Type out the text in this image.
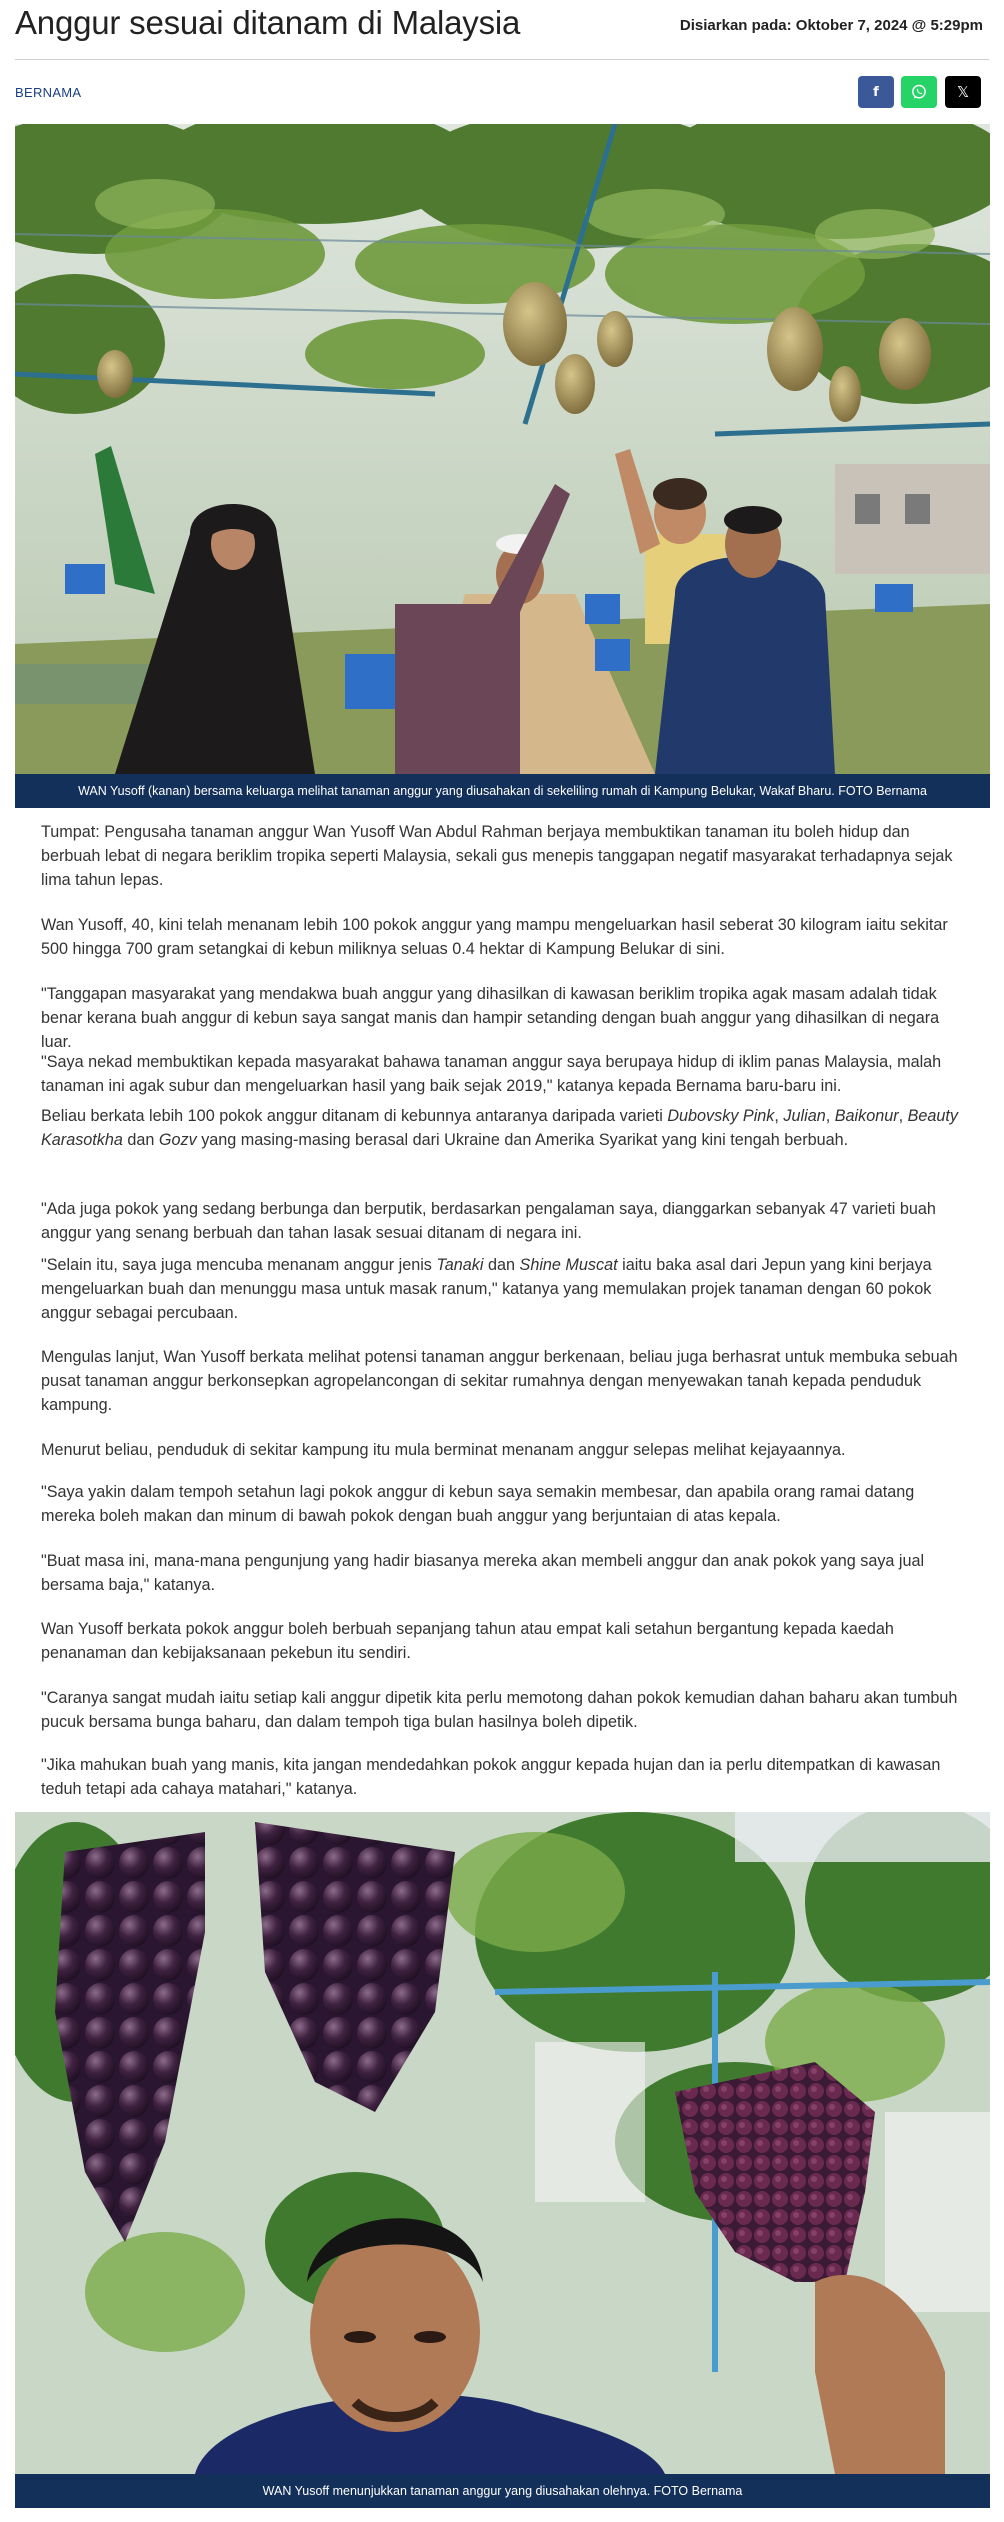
Anggur sesuai ditanam di Malaysia	Disiarkan pada: Oktober 7, 2024 @ 5:29pm
BERNAMA	f	𝕏
WAN Yusoff (kanan) bersama keluarga melihat tanaman anggur yang diusahakan di sekeliling rumah di Kampung Belukar, Wakaf Bharu. FOTO Bernama

Tumpat: Pengusaha tanaman anggur Wan Yusoff Wan Abdul Rahman berjaya membuktikan tanaman itu boleh hidup dan berbuah lebat di negara beriklim tropika seperti Malaysia, sekali gus menepis tanggapan negatif masyarakat terhadapnya sejak lima tahun lepas.

Wan Yusoff, 40, kini telah menanam lebih 100 pokok anggur yang mampu mengeluarkan hasil seberat 30 kilogram iaitu sekitar 500 hingga 700 gram setangkai di kebun miliknya seluas 0.4 hektar di Kampung Belukar di sini.

"Tanggapan masyarakat yang mendakwa buah anggur yang dihasilkan di kawasan beriklim tropika agak masam adalah tidak benar kerana buah anggur di kebun saya sangat manis dan hampir setanding dengan buah anggur yang dihasilkan di negara luar.

"Saya nekad membuktikan kepada masyarakat bahawa tanaman anggur saya berupaya hidup di iklim panas Malaysia, malah tanaman ini agak subur dan mengeluarkan hasil yang baik sejak 2019," katanya kepada Bernama baru-baru ini.

Beliau berkata lebih 100 pokok anggur ditanam di kebunnya antaranya daripada varieti Dubovsky Pink, Julian, Baikonur, Beauty Karasotkha dan Gozv yang masing-masing berasal dari Ukraine dan Amerika Syarikat yang kini tengah berbuah.

"Ada juga pokok yang sedang berbunga dan berputik, berdasarkan pengalaman saya, dianggarkan sebanyak 47 varieti buah anggur yang senang berbuah dan tahan lasak sesuai ditanam di negara ini.

"Selain itu, saya juga mencuba menanam anggur jenis Tanaki dan Shine Muscat iaitu baka asal dari Jepun yang kini berjaya mengeluarkan buah dan menunggu masa untuk masak ranum," katanya yang memulakan projek tanaman dengan 60 pokok anggur sebagai percubaan.

Mengulas lanjut, Wan Yusoff berkata melihat potensi tanaman anggur berkenaan, beliau juga berhasrat untuk membuka sebuah pusat tanaman anggur berkonsepkan agropelancongan di sekitar rumahnya dengan menyewakan tanah kepada penduduk kampung.

Menurut beliau, penduduk di sekitar kampung itu mula berminat menanam anggur selepas melihat kejayaannya.

"Saya yakin dalam tempoh setahun lagi pokok anggur di kebun saya semakin membesar, dan apabila orang ramai datang mereka boleh makan dan minum di bawah pokok dengan buah anggur yang berjuntaian di atas kepala.

"Buat masa ini, mana-mana pengunjung yang hadir biasanya mereka akan membeli anggur dan anak pokok yang saya jual bersama baja," katanya.

Wan Yusoff berkata pokok anggur boleh berbuah sepanjang tahun atau empat kali setahun bergantung kepada kaedah penanaman dan kebijaksanaan pekebun itu sendiri.

"Caranya sangat mudah iaitu setiap kali anggur dipetik kita perlu memotong dahan pokok kemudian dahan baharu akan tumbuh pucuk bersama bunga baharu, dan dalam tempoh tiga bulan hasilnya boleh dipetik.

"Jika mahukan buah yang manis, kita jangan mendedahkan pokok anggur kepada hujan dan ia perlu ditempatkan di kawasan teduh tetapi ada cahaya matahari," katanya.

WAN Yusoff menunjukkan tanaman anggur yang diusahakan olehnya. FOTO Bernama
